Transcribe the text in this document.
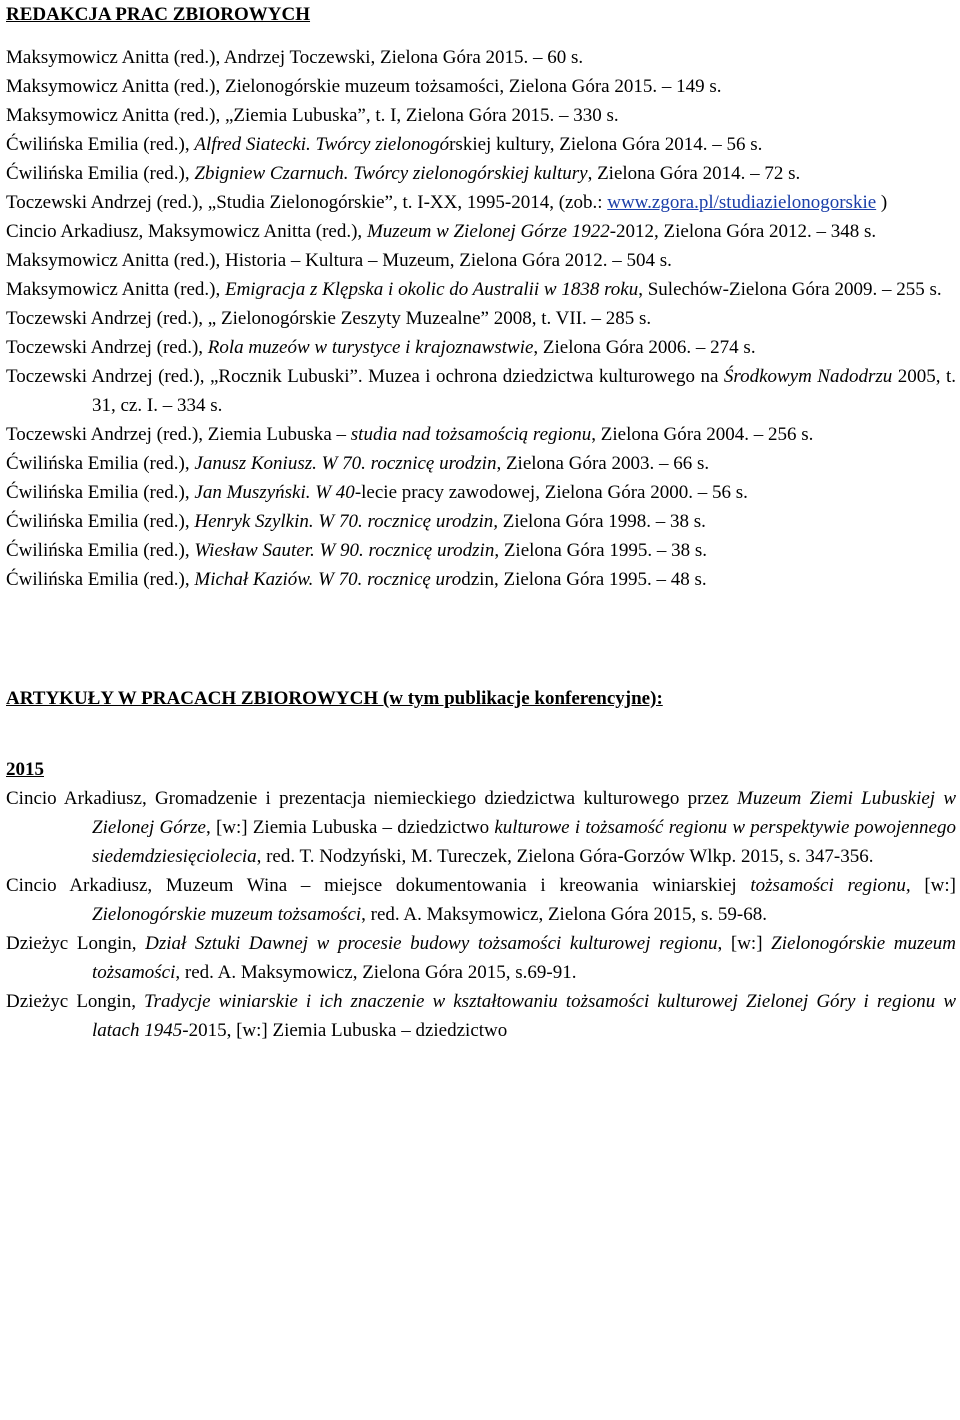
REDAKCJA PRAC ZBIOROWYCH

Maksymowicz Anitta (red.), Andrzej Toczewski, Zielona Góra 2015. – 60 s.

Maksymowicz Anitta (red.), Zielonogórskie muzeum tożsamości, Zielona Góra 2015. – 149 s.

Maksymowicz Anitta (red.), „Ziemia Lubuska”, t. I, Zielona Góra 2015. – 330 s.

Ćwilińska Emilia (red.), Alfred Siatecki. Twórcy zielonogórskiej kultury, Zielona Góra 2014. – 56 s.

Ćwilińska Emilia (red.), Zbigniew Czarnuch. Twórcy zielonogórskiej kultury, Zielona Góra 2014. – 72 s.

Toczewski Andrzej (red.), „Studia Zielonogórskie”, t. I-XX, 1995-2014, (zob.: www.zgora.pl/studiazielonogorskie )

Cincio Arkadiusz, Maksymowicz Anitta (red.), Muzeum w Zielonej Górze 1922-2012, Zielona Góra 2012. – 348 s.

Maksymowicz Anitta (red.), Historia – Kultura – Muzeum, Zielona Góra 2012. – 504 s.

Maksymowicz Anitta (red.), Emigracja z Klępska i okolic do Australii w 1838 roku, Sulechów-Zielona Góra 2009. – 255 s.

Toczewski Andrzej (red.), „ Zielonogórskie Zeszyty Muzealne” 2008, t. VII. – 285 s.

Toczewski Andrzej (red.), Rola muzeów w turystyce i krajoznawstwie, Zielona Góra 2006. – 274 s.

Toczewski Andrzej (red.), „Rocznik Lubuski”. Muzea i ochrona dziedzictwa kulturowego na Środkowym Nadodrzu 2005, t. 31, cz. I. – 334 s.

Toczewski Andrzej (red.), Ziemia Lubuska – studia nad tożsamością regionu, Zielona Góra 2004. – 256 s.

Ćwilińska Emilia (red.), Janusz Koniusz. W 70. rocznicę urodzin, Zielona Góra 2003. – 66 s.

Ćwilińska Emilia (red.), Jan Muszyński. W 40-lecie pracy zawodowej, Zielona Góra 2000. – 56 s.

Ćwilińska Emilia (red.), Henryk Szylkin. W 70. rocznicę urodzin, Zielona Góra 1998. – 38 s.

Ćwilińska Emilia (red.), Wiesław Sauter. W 90. rocznicę urodzin, Zielona Góra 1995. – 38 s.

Ćwilińska Emilia (red.), Michał Kaziów. W 70. rocznicę urodzin, Zielona Góra 1995. – 48 s.

ARTYKUŁY W PRACACH ZBIOROWYCH (w tym publikacje konferencyjne):

2015

Cincio Arkadiusz, Gromadzenie i prezentacja niemieckiego dziedzictwa kulturowego przez Muzeum Ziemi Lubuskiej w Zielonej Górze, [w:] Ziemia Lubuska – dziedzictwo kulturowe i tożsamość regionu w perspektywie powojennego siedemdziesięciolecia, red. T. Nodzyński, M. Tureczek, Zielona Góra-Gorzów Wlkp. 2015, s. 347-356.

Cincio Arkadiusz, Muzeum Wina – miejsce dokumentowania i kreowania winiarskiej tożsamości regionu, [w:] Zielonogórskie muzeum tożsamości, red. A. Maksymowicz, Zielona Góra 2015, s. 59-68.

Dzieżyc Longin, Dział Sztuki Dawnej w procesie budowy tożsamości kulturowej regionu, [w:] Zielonogórskie muzeum tożsamości, red. A. Maksymowicz, Zielona Góra 2015, s.69-91.

Dzieżyc Longin, Tradycje winiarskie i ich znaczenie w kształtowaniu tożsamości kulturowej Zielonej Góry i regionu w latach 1945-2015, [w:] Ziemia Lubuska – dziedzictwo
